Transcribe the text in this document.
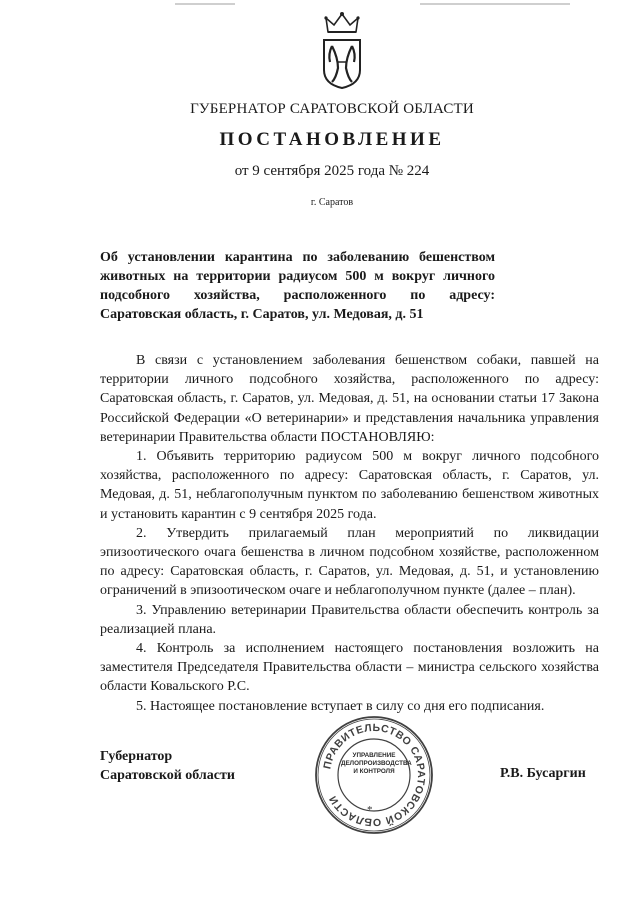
ГУБЕРНАТОР САРАТОВСКОЙ ОБЛАСТИ
ПОСТАНОВЛЕНИЕ
от 9 сентября 2025 года № 224
г. Саратов
Об установлении карантина по заболеванию бешенством животных на территории радиусом 500 м вокруг личного подсобного хозяйства, расположенного по адресу: Саратовская область, г. Саратов, ул. Медовая, д. 51

В связи с установлением заболевания бешенством собаки, павшей на территории личного подсобного хозяйства, расположенного по адресу: Саратовская область, г. Саратов, ул. Медовая, д. 51, на основании статьи 17 Закона Российской Федерации «О ветеринарии» и представления начальника управления ветеринарии Правительства области ПОСТАНОВЛЯЮ:

1. Объявить территорию радиусом 500 м вокруг личного подсобного хозяйства, расположенного по адресу: Саратовская область, г. Саратов, ул. Медовая, д. 51, неблагополучным пунктом по заболеванию бешенством животных и установить карантин с 9 сентября 2025 года.

2. Утвердить прилагаемый план мероприятий по ликвидации эпизоотического очага бешенства в личном подсобном хозяйстве, расположенном по адресу: Саратовская область, г. Саратов, ул. Медовая, д. 51, и установлению ограничений в эпизоотическом очаге и неблагополучном пункте (далее – план).

3. Управлению ветеринарии Правительства области обеспечить контроль за реализацией плана.

4. Контроль за исполнением настоящего постановления возложить на заместителя Председателя Правительства области – министра сельского хозяйства области Ковальского Р.С.

5. Настоящее постановление вступает в силу со дня его подписания.

Губернатор
Саратовской области
ПРАВИТЕЛЬСТВО САРАТОВСКОЙ ОБЛАСТИ
УПРАВЛЕНИЕ
ДЕЛОПРОИЗВОДСТВА
И КОНТРОЛЯ
*
Р.В. Бусаргин
